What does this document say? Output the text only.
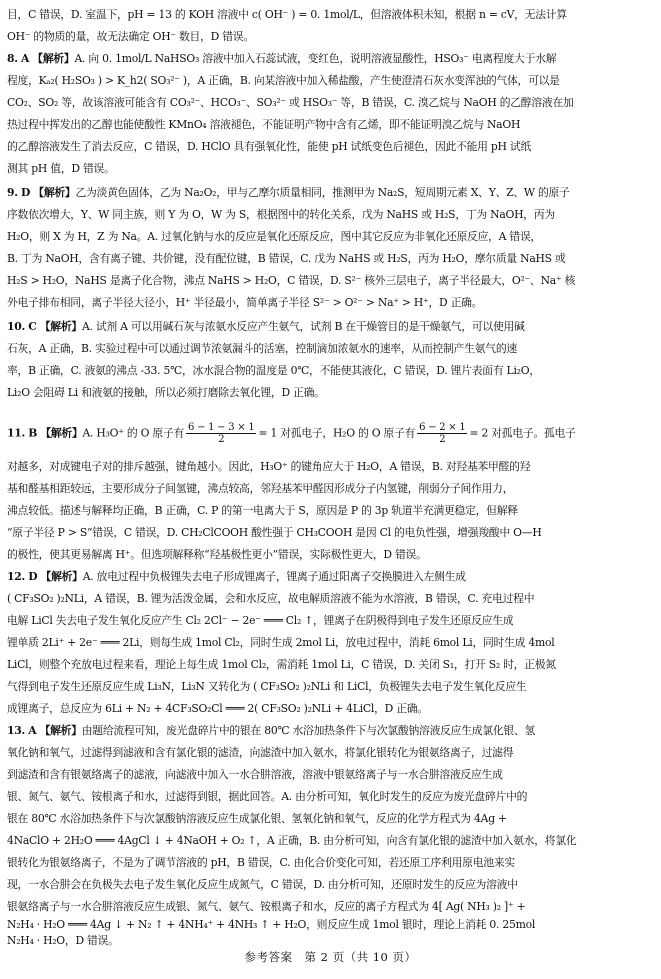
目，C 错误，D. 室温下，pH = 13 的 KOH 溶液中 c( OH⁻ ) = 0. 1mol/L，但溶液体积未知，根据 n = cV，无法计算
OH⁻ 的物质的量，故无法确定 OH⁻ 数目，D 错误。
8. A 【解析】A. 向 0. 1mol/L NaHSO₃ 溶液中加入石蕊试液，变红色，说明溶液显酸性，HSO₃⁻ 电离程度大于水解
程度，Kₐ₂( H₂SO₃ ) > K_h2( SO₃²⁻ )，A 正确，B. 向某溶液中加入稀盐酸，产生使澄清石灰水变浑浊的气体，可以是
CO₂、SO₂ 等，故该溶液可能含有 CO₃²⁻、HCO₃⁻、SO₃²⁻ 或 HSO₃⁻ 等，B 错误，C. 溴乙烷与 NaOH 的乙醇溶液在加
热过程中挥发出的乙醇也能使酸性 KMnO₄ 溶液褪色，不能证明产物中含有乙烯，即不能证明溴乙烷与 NaOH
的乙醇溶液发生了消去反应，C 错误，D. HClO 具有强氧化性，能使 pH 试纸变色后褪色，因此不能用 pH 试纸
测其 pH 值，D 错误。
9. D 【解析】乙为淡黄色固体，乙为 Na₂O₂，甲与乙摩尔质量相同，推测甲为 Na₂S，短周期元素 X、Y、Z、W 的原子
序数依次增大，Y、W 同主族，则 Y 为 O，W 为 S，根据图中的转化关系，戊为 NaHS 或 H₂S，丁为 NaOH，丙为
H₂O，则 X 为 H，Z 为 Na。A. 过氧化钠与水的反应是氧化还原反应，图中其它反应为非氧化还原反应，A 错误，
B. 丁为 NaOH，含有离子键、共价键，没有配位键，B 错误，C. 戊为 NaHS 或 H₂S，丙为 H₂O，摩尔质量 NaHS 或
H₂S > H₂O，NaHS 是离子化合物，沸点 NaHS > H₂O，C 错误，D. S²⁻ 核外三层电子，离子半径最大，O²⁻、Na⁺ 核
外电子排布相同，离子半径大径小，H⁺ 半径最小，简单离子半径 S²⁻ > O²⁻ > Na⁺ > H⁺，D 正确。
10. C 【解析】A. 试剂 A 可以用碱石灰与浓氨水反应产生氨气，试剂 B 在干燥管目的是干燥氨气，可以使用碱
石灰，A 正确，B. 实验过程中可以通过调节浓氨漏斗的活塞，控制滴加浓氨水的速率，从而控制产生氨气的速
率，B 正确，C. 液氨的沸点 -33. 5℃，冰水混合物的温度是 0℃，不能使其液化，C 错误，D. 锂片表面有 Li₂O，
Li₂O 会阻碍 Li 和液氨的接触，所以必须打磨除去氧化锂，D 正确。
11. B 【解析】A. H₃O⁺ 的 O 原子有 $\frac{6 - 1 - 3 \times 1}{2} = 1$ 对孤电子，H₂O 的 O 原子有 $\frac{6 - 2 \times 1}{2} = 2$ 对孤电子。孤电子
对越多，对成键电子对的排斥越强，键角越小。因此，H₃O⁺ 的键角应大于 H₂O，A 错误，B. 对羟基苯甲醛的羟
基和醛基相距较远，主要形成分子间氢键，沸点较高，邻羟基苯甲醛因形成分子内氢键，削弱分子间作用力，
沸点较低。描述与解释均正确，B 正确，C. P 的第一电离大于 S，原因是 P 的 3p 轨道半充满更稳定，但解释
“原子半径 P > S”错误，C 错误，D. CH₂ClCOOH 酸性强于 CH₃COOH 是因 Cl 的电负性强，增强羧酸中 O—H
的极性，使其更易解离 H⁺。但选项解释称“羟基极性更小”错误，实际极性更大，D 错误。
12. D 【解析】A. 放电过程中负极锂失去电子形成锂离子，锂离子通过阳离子交换膜进入左侧生成
( CF₃SO₂ )₂NLi，A 错误，B. 锂为活泼金属，会和水反应，故电解质溶液不能为水溶液，B 错误，C. 充电过程中
电解 LiCl 失去电子发生氧化反应产生 Cl₂ 2Cl⁻ − 2e⁻ ═══ Cl₂ ↑，锂离子在阴极得到电子发生还原反应生成
锂单质 2Li⁺ + 2e⁻ ═══ 2Li，则每生成 1mol Cl₂，同时生成 2mol Li，放电过程中，消耗 6mol Li，同时生成 4mol
LiCl，则整个充放电过程来看，理论上每生成 1mol Cl₂，需消耗 1mol Li，C 错误，D. 关闭 S₁，打开 S₂ 时，正极氮
气得到电子发生还原反应生成 Li₃N，Li₃N 又转化为 ( CF₃SO₂ )₂NLi 和 LiCl，负极锂失去电子发生氧化反应生
成锂离子，总反应为 6Li + N₂ + 4CF₃SO₂Cl ═══ 2( CF₃SO₂ )₂NLi + 4LiCl，D 正确。
13. A 【解析】由题给流程可知，废光盘碎片中的银在 80℃ 水浴加热条件下与次氯酸钠溶液反应生成氯化银、氢
氧化钠和氧气，过滤得到滤液和含有氯化银的滤渣，向滤渣中加入氨水，将氯化银转化为银氨络离子，过滤得
到滤渣和含有银氨络离子的滤液，向滤液中加入一水合肼溶液，溶液中银氨络离子与一水合肼溶液反应生成
银、氮气、氨气、铵根离子和水，过滤得到银，据此回答。A. 由分析可知，氧化时发生的反应为废光盘碎片中的
银在 80℃ 水浴加热条件下与次氯酸钠溶液反应生成氯化银、氢氧化钠和氧气，反应的化学方程式为 4Ag +
4NaClO + 2H₂O ═══ 4AgCl ↓ + 4NaOH + O₂ ↑，A 正确，B. 由分析可知，向含有氯化银的滤渣中加入氨水，将氯化
银转化为银氨络离子，不是为了调节溶液的 pH，B 错误，C. 由化合价变化可知，若还原工序利用原电池来实
现，一水合肼会在负极失去电子发生氧化反应生成氮气，C 错误，D. 由分析可知，还原时发生的反应为溶液中
银氨络离子与一水合肼溶液反应生成银、氮气、氨气、铵根离子和水，反应的离子方程式为 4[ Ag( NH₃ )₂ ]⁺ +
N₂H₄ · H₂O ═══ 4Ag ↓ + N₂ ↑ + 4NH₄⁺ + 4NH₃ ↑ + H₂O，则反应生成 1mol 银时，理论上消耗 0. 25mol
N₂H₄ · H₂O，D 错误。
参考答案　第 2 页（共 10 页）
